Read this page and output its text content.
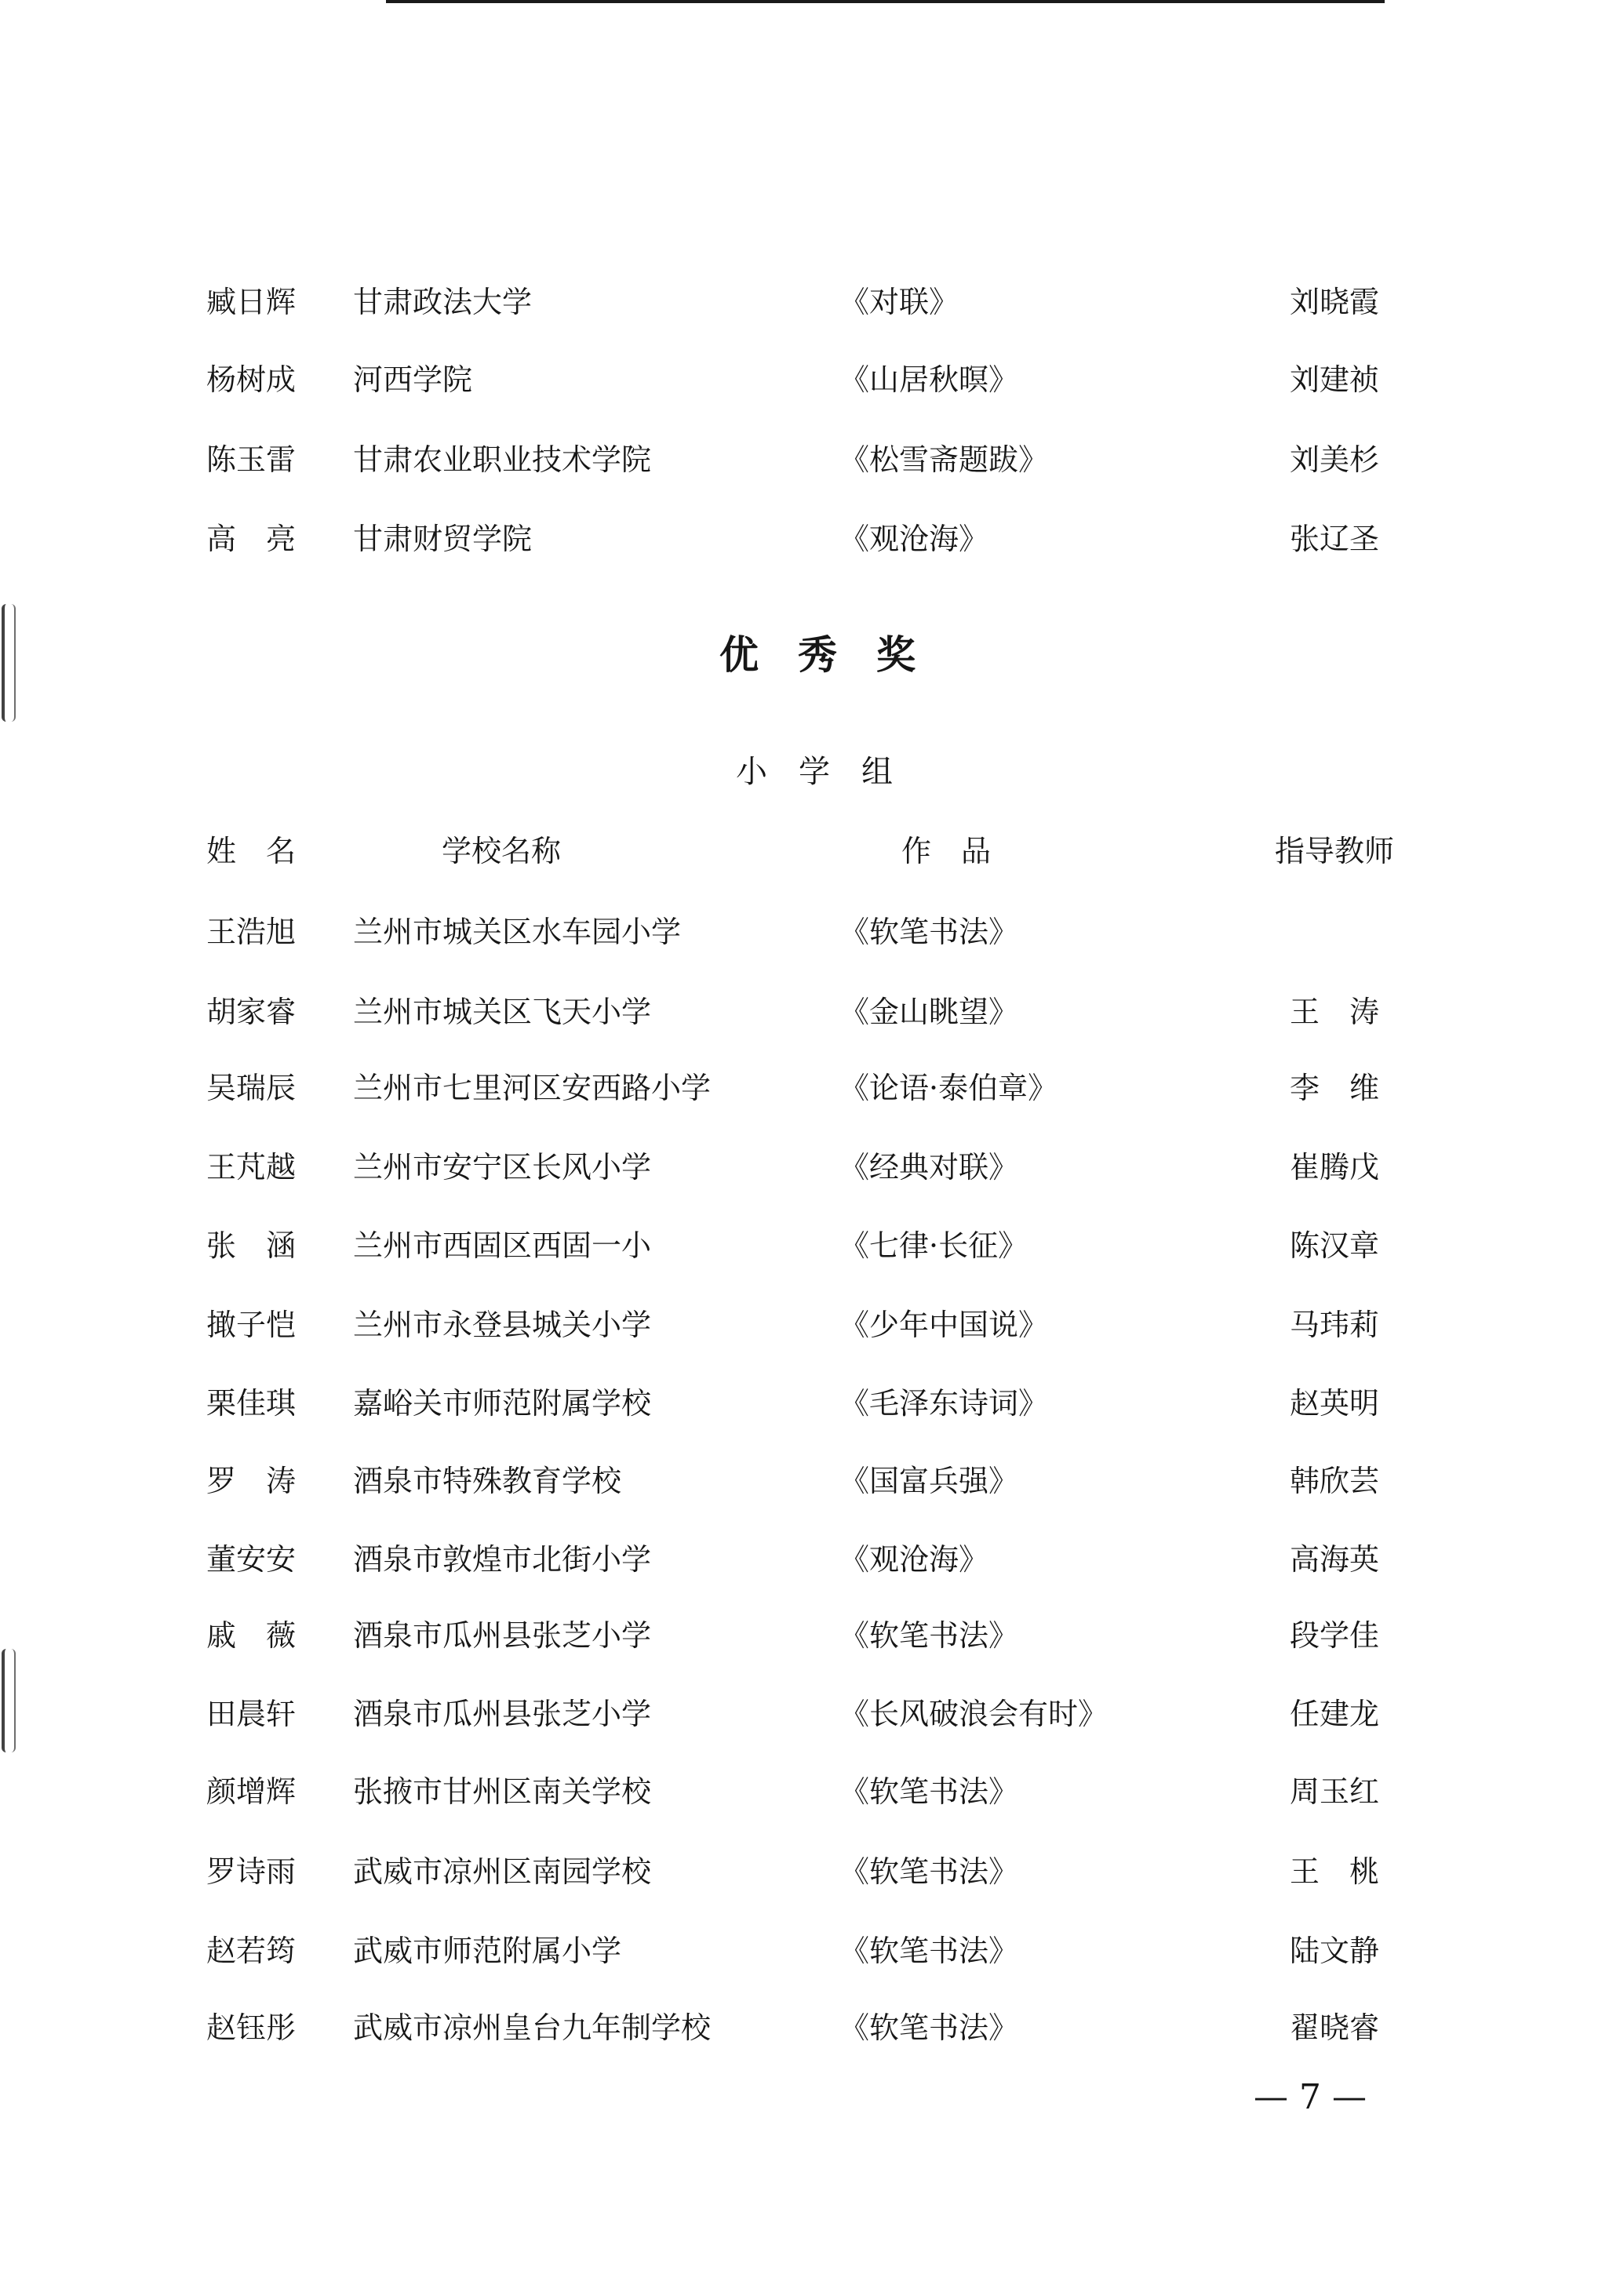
臧日辉 甘肃政法大学	《对联》	刘晓霞
杨树成 河西学院	《山居秋暝》	刘建祯
陈玉雷 甘肃农业职业技术学院	《松雪斋题跋》	刘美杉
高　亮 甘肃财贸学院	《观沧海》	张辽圣
优　秀　奖
小　学　组
姓　名	学校名称	作　品	指导教师
王浩旭 兰州市城关区水车园小学	《软笔书法》
胡家睿 兰州市城关区飞天小学	《金山眺望》	王　涛
吴瑞辰 兰州市七里河区安西路小学	《论语·泰伯章》	李　维
王芃越 兰州市安宁区长风小学	《经典对联》	崔腾戊
张　涵 兰州市西固区西固一小	《七律·长征》	陈汉章
撖子恺 兰州市永登县城关小学	《少年中国说》	马玮莉
栗佳琪 嘉峪关市师范附属学校	《毛泽东诗词》	赵英明
罗　涛 酒泉市特殊教育学校	《国富兵强》	韩欣芸
董安安 酒泉市敦煌市北街小学	《观沧海》	高海英
戚　薇 酒泉市瓜州县张芝小学	《软笔书法》	段学佳
田晨轩 酒泉市瓜州县张芝小学	《长风破浪会有时》	任建龙
颜增辉 张掖市甘州区南关学校	《软笔书法》	周玉红
罗诗雨 武威市凉州区南园学校	《软笔书法》	王　桃
赵若筠 武威市师范附属小学	《软笔书法》	陆文静
赵钰彤 武威市凉州皇台九年制学校	《软笔书法》	翟晓睿
— 7 —
